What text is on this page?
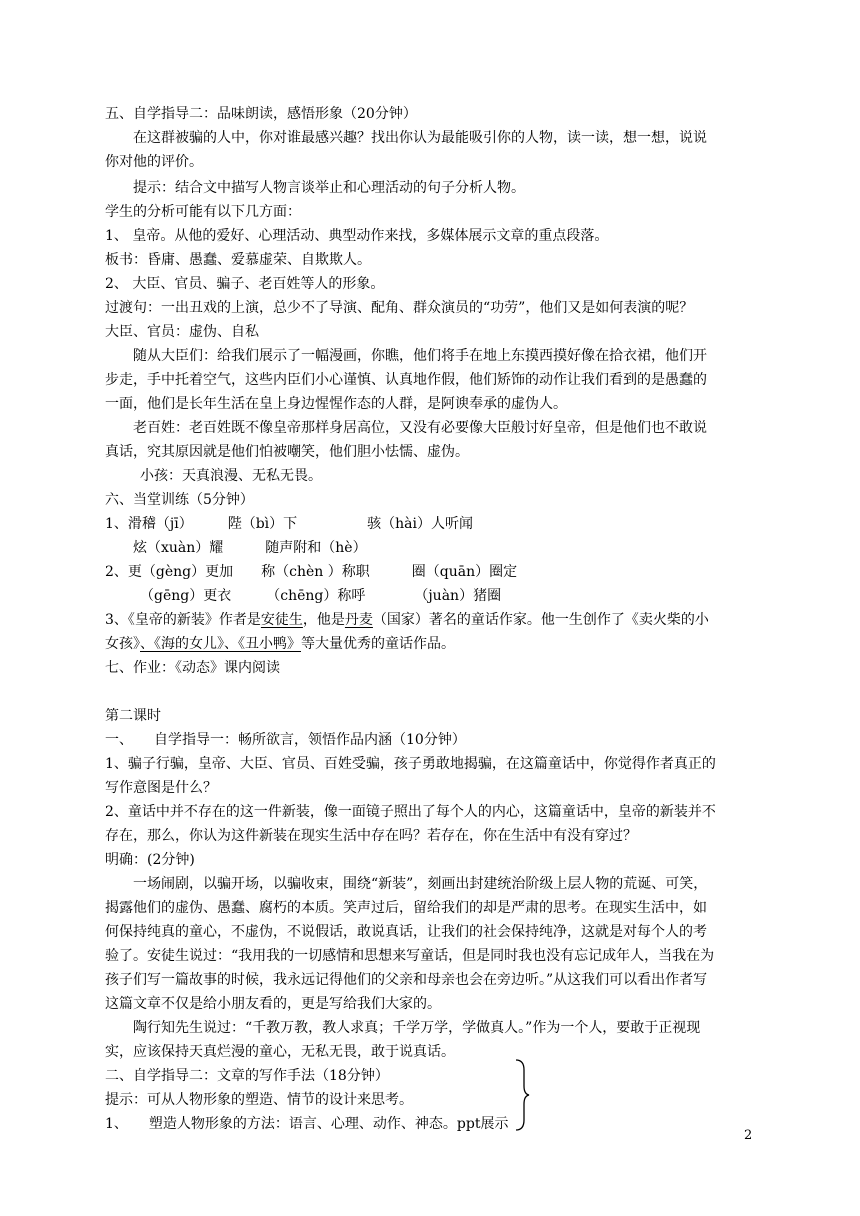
五、自学指导二：品味朗读，感悟形象（20分钟）

在这群被骗的人中，你对谁最感兴趣？找出你认为最能吸引你的人物，读一读，想一想，说说

你对他的评价。

提示：结合文中描写人物言谈举止和心理活动的句子分析人物。

学生的分析可能有以下几方面：

1、 皇帝。从他的爱好、心理活动、典型动作来找，多媒体展示文章的重点段落。

板书：昏庸、愚蠢、爱慕虚荣、自欺欺人。

2、 大臣、官员、骗子、老百姓等人的形象。

过渡句：一出丑戏的上演，总少不了导演、配角、群众演员的“功劳”，他们又是如何表演的呢？

大臣、官员：虚伪、自私

随从大臣们：给我们展示了一幅漫画，你瞧，他们将手在地上东摸西摸好像在拾衣裙，他们开

步走，手中托着空气，这些内臣们小心谨慎、认真地作假，他们矫饰的动作让我们看到的是愚蠢的

一面，他们是长年生活在皇上身边惺惺作态的人群，是阿谀奉承的虚伪人。

老百姓：老百姓既不像皇帝那样身居高位，又没有必要像大臣般讨好皇帝，但是他们也不敢说

真话，究其原因就是他们怕被嘲笑，他们胆小怯懦、虚伪。

小孩：天真浪漫、无私无畏。

六、当堂训练（5分钟）

1、滑稽（jī）　　　陛（bì）下　　　　　骇（hài）人听闻

炫（xuàn）耀　　　随声附和（hè）

2、更（gèng）更加　　称（chèn ）称职　　　圈（quān）圈定

（gēng）更衣　　　（chēng）称呼　　　　（juàn）猪圈

3、《皇帝的新装》作者是安徒生，他是丹麦（国家）著名的童话作家。他一生创作了《卖火柴的小

女孩》、《海的女儿》、《丑小鸭》等大量优秀的童话作品。

七、作业：《动态》课内阅读

第二课时

一、　　自学指导一：畅所欲言，领悟作品内涵（10分钟）

1、骗子行骗，皇帝、大臣、官员、百姓受骗，孩子勇敢地揭骗，在这篇童话中，你觉得作者真正的

写作意图是什么？

2、童话中并不存在的这一件新装，像一面镜子照出了每个人的内心，这篇童话中，皇帝的新装并不

存在，那么，你认为这件新装在现实生活中存在吗？若存在，你在生活中有没有穿过？

明确：(2分钟)

一场闹剧，以骗开场，以骗收束，围绕“新装”，刻画出封建统治阶级上层人物的荒诞、可笑，

揭露他们的虚伪、愚蠢、腐朽的本质。笑声过后，留给我们的却是严肃的思考。在现实生活中，如

何保持纯真的童心，不虚伪，不说假话，敢说真话，让我们的社会保持纯净，这就是对每个人的考

验了。安徒生说过：“我用我的一切感情和思想来写童话，但是同时我也没有忘记成年人，当我在为

孩子们写一篇故事的时候，我永远记得他们的父亲和母亲也会在旁边听。”从这我们可以看出作者写

这篇文章不仅是给小朋友看的，更是写给我们大家的。

陶行知先生说过：“千教万教，教人求真；千学万学，学做真人。”作为一个人，要敢于正视现

实，应该保持天真烂漫的童心，无私无畏，敢于说真话。

二、自学指导二：文章的写作手法（18分钟）

提示：可从人物形象的塑造、情节的设计来思考。

1、　　塑造人物形象的方法：语言、心理、动作、神态。ppt展示

2
